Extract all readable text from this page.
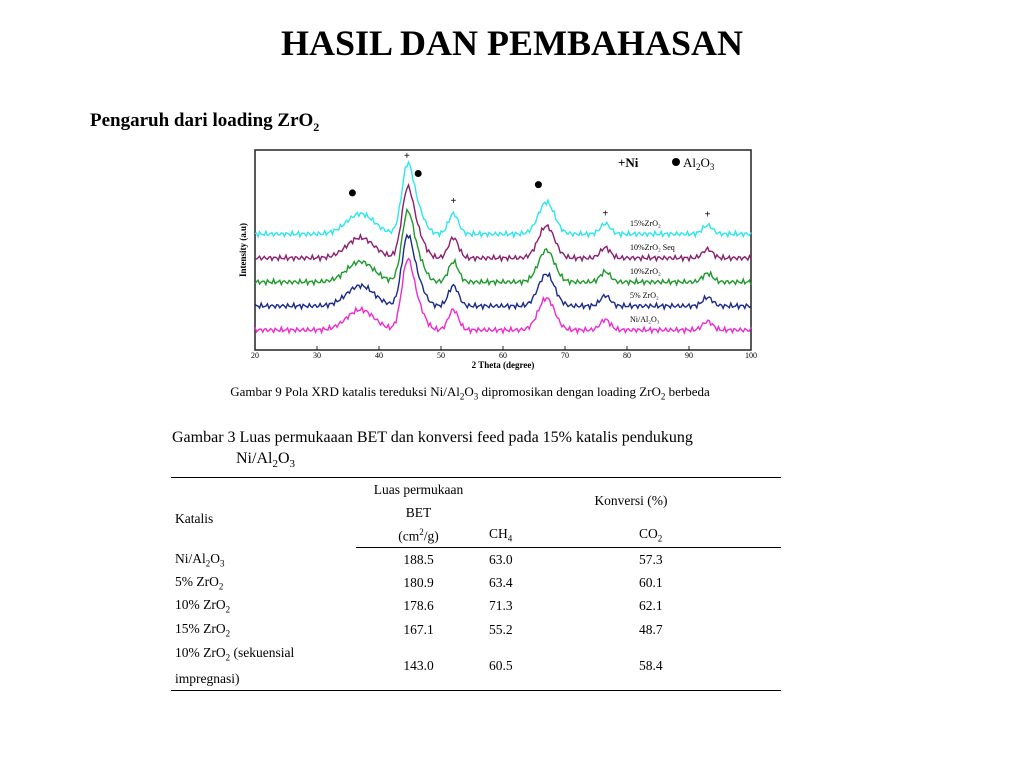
HASIL DAN PEMBAHASAN
Pengaruh dari loading ZrO$_2$
+
+
+	+
15%ZrO₂
10%ZrO₂ Seq
10%ZrO₂
5% ZrO₂
Ni/Al₂O₃
20	30	40	50	60	70	80	90	100
+Ni	$Al_2O_3$
Intensity (a.u)
2 Theta (degree)
Gambar 9 Pola XRD katalis tereduksi $Ni/Al_2O_3$ dipromosikan dengan loading ZrO$_2$ berbeda
Gambar 3 Luas permukaaan BET dan konversi feed pada 15% katalis pendukung
$Ni/Al_2O_3$
Katalis	Luas permukaan	Konversi (%)	
	BET		
	$(cm^2/g)$	$CH_4$	$CO_2$
$Ni/Al_2O_3$	188.5	63.0	57.3
5% ZrO$_2$	180.9	63.4	60.1
10% ZrO$_2$	178.6	71.3	62.1
15% ZrO$_2$	167.1	55.2	48.7
10% ZrO$_2$ (sekuensial
impregnasi)	143.0	60.5	58.4
